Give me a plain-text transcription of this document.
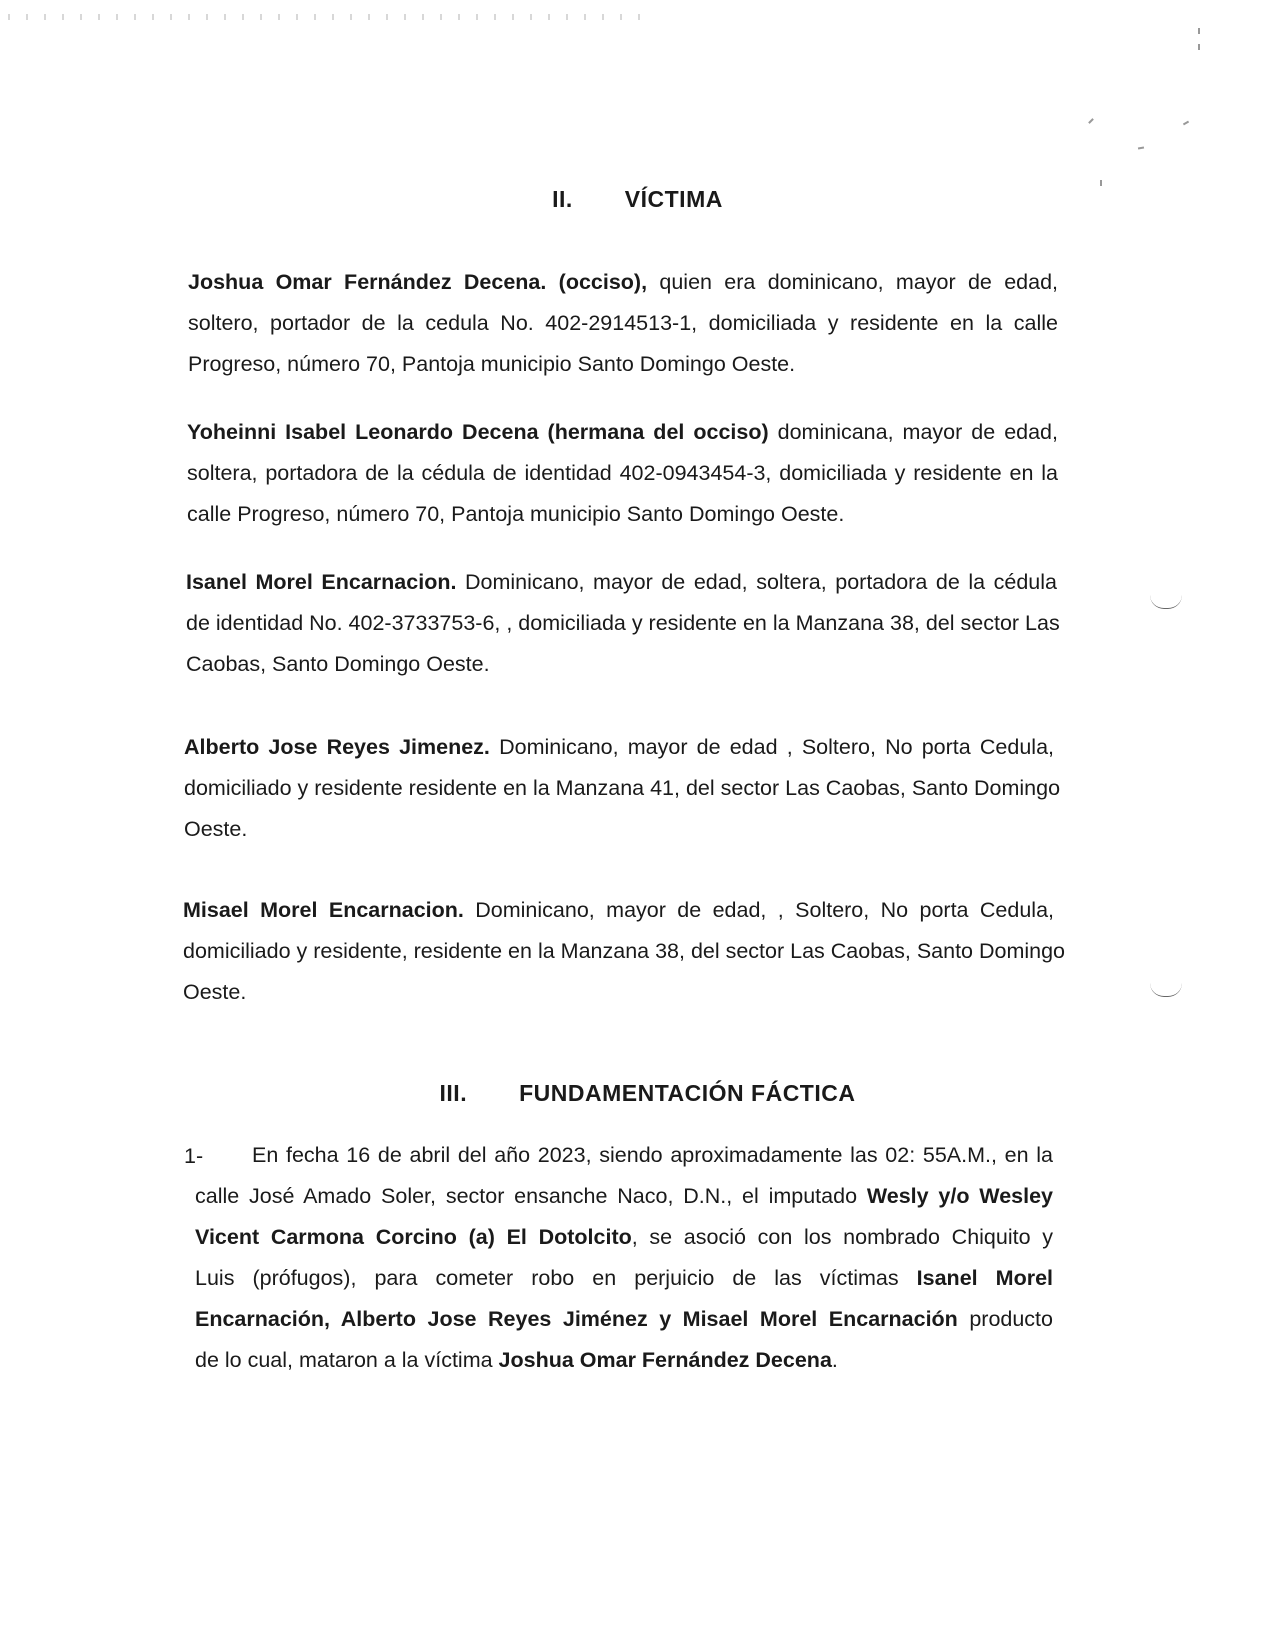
II. VÍCTIMA
Joshua Omar Fernández Decena. (occiso), quien era dominicano, mayor de edad,
soltero, portador de la cedula No. 402-2914513-1, domiciliada y residente en la calle
Progreso, número 70, Pantoja municipio Santo Domingo Oeste.
Yoheinni Isabel Leonardo Decena (hermana del occiso) dominicana, mayor de edad,
soltera, portadora de la cédula de identidad 402-0943454-3, domiciliada y residente en la
calle Progreso, número 70, Pantoja municipio Santo Domingo Oeste.
Isanel Morel Encarnacion. Dominicano, mayor de edad, soltera, portadora de la cédula
de identidad No. 402-3733753-6, , domiciliada y residente en la Manzana 38, del sector Las
Caobas, Santo Domingo Oeste.
Alberto Jose Reyes Jimenez. Dominicano, mayor de edad , Soltero, No porta Cedula,
domiciliado y residente residente en la Manzana 41, del sector Las Caobas, Santo Domingo
Oeste.
Misael Morel Encarnacion. Dominicano, mayor de edad, , Soltero, No porta Cedula,
domiciliado y residente, residente en la Manzana 38, del sector Las Caobas, Santo Domingo
Oeste.
III. FUNDAMENTACIÓN FÁCTICA
1-	En fecha 16 de abril del año 2023, siendo aproximadamente las 02: 55A.M., en la
calle José Amado Soler, sector ensanche Naco, D.N., el imputado Wesly y/o Wesley
Vicent Carmona Corcino (a) El Dotolcito, se asoció con los nombrado Chiquito y
Luis (prófugos), para cometer robo en perjuicio de las víctimas Isanel Morel
Encarnación, Alberto Jose Reyes Jiménez y Misael Morel Encarnación producto
de lo cual, mataron a la víctima Joshua Omar Fernández Decena.
